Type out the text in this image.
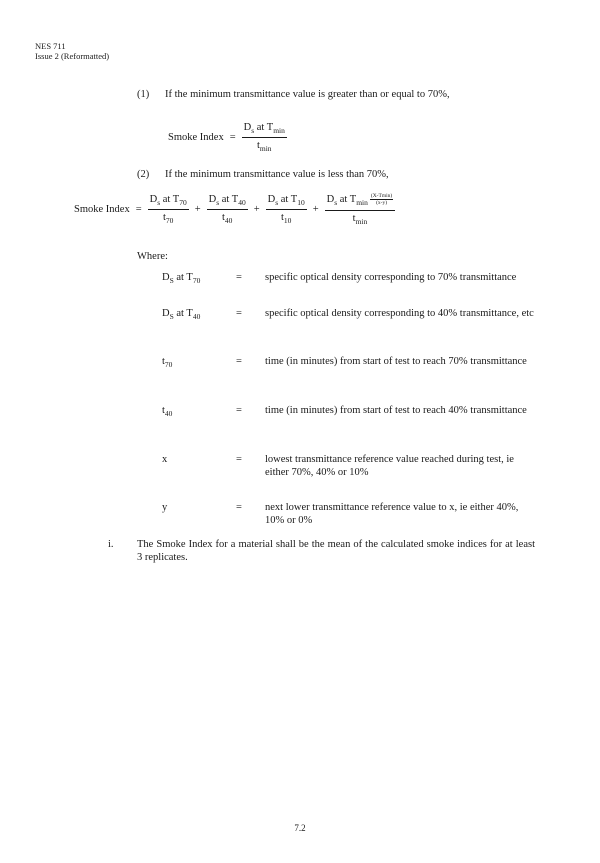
NES 711
Issue 2 (Reformatted)
(1) If the minimum transmittance value is greater than or equal to 70%,
Smoke Index = $\frac{D_s at T_{min}}{t_{min}}$
(2) If the minimum transmittance value is less than 70%,
Smoke Index = $\frac{D_s at T_{70}}{t_{70}} + \frac{D_s at T_{40}}{t_{40}} + \frac{D_s at T_{10}}{t_{10}} + \frac{D_s at T_{min} \frac{(X-Tmin)}{(x-y)}}{t_{min}}$
Where:
$D_S$ at $T_{70}$	= specific optical density corresponding to 70% transmittance
$D_S$ at $T_{40}$	= specific optical density corresponding to 40% transmittance, etc
$t_{70}$	= time (in minutes) from start of test to reach 70% transmittance
$t_{40}$	= time (in minutes) from start of test to reach 40% transmittance
x	= lowest transmittance reference value reached during test, ie either 70%, 40% or 10%
y	= next lower transmittance reference value to x, ie either 40%, 10% or 0%
i. The Smoke Index for a material shall be the mean of the calculated smoke indices for at least 3 replicates.
7.2
